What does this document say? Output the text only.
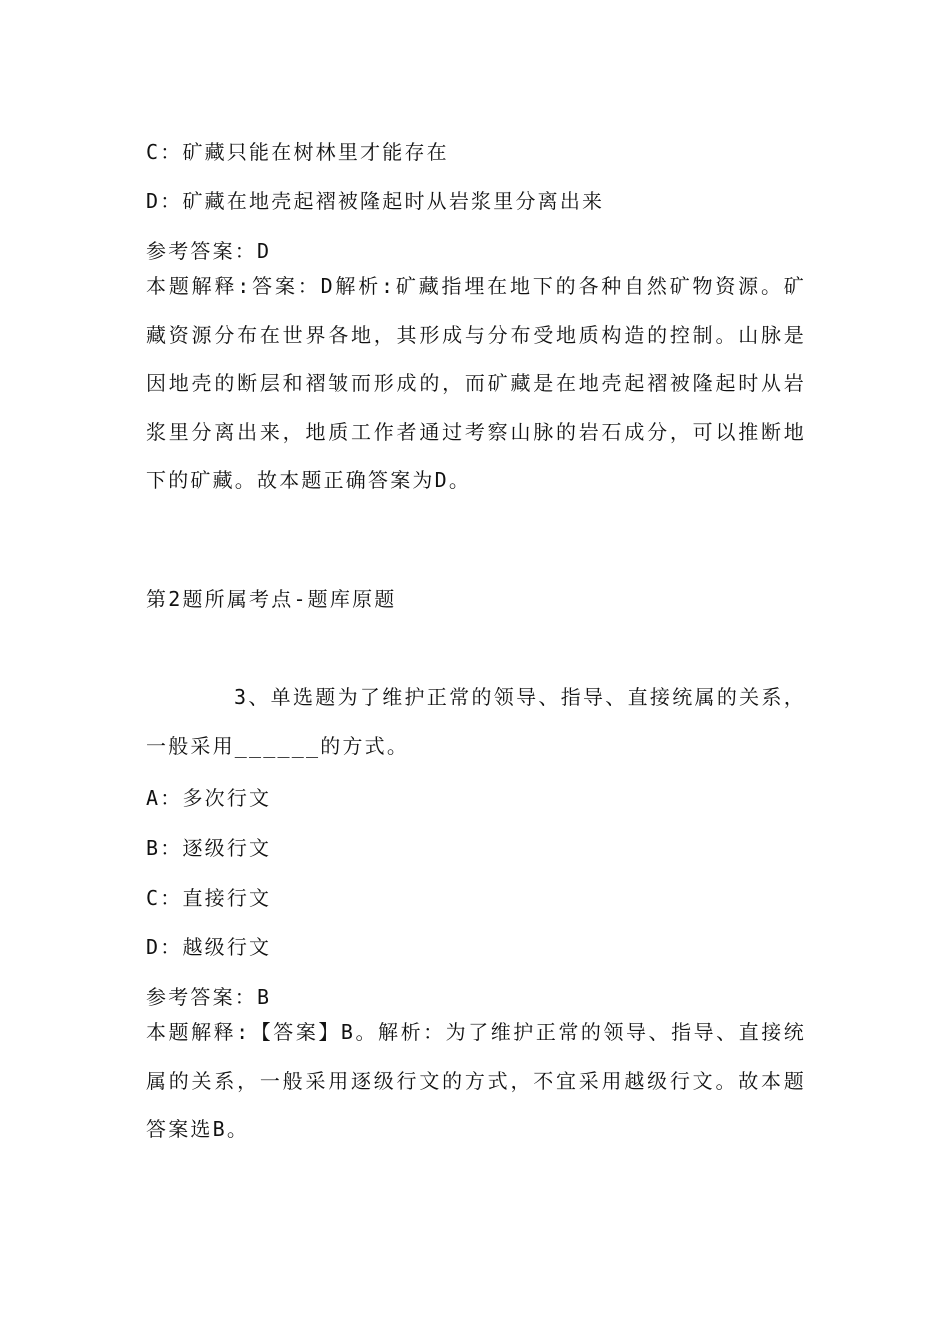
C：矿藏只能在树林里才能存在
D：矿藏在地壳起褶被隆起时从岩浆里分离出来
参考答案：D
本题解释:答案：D解析:矿藏指埋在地下的各种自然矿物资源。矿藏资源分布在世界各地，其形成与分布受地质构造的控制。山脉是因地壳的断层和褶皱而形成的，而矿藏是在地壳起褶被隆起时从岩浆里分离出来，地质工作者通过考察山脉的岩石成分，可以推断地下的矿藏。故本题正确答案为D。
第2题所属考点-题库原题
3、单选题为了维护正常的领导、指导、直接统属的关系，一般采用______的方式。
A：多次行文
B：逐级行文
C：直接行文
D：越级行文
参考答案：B
本题解释:【答案】B。解析：为了维护正常的领导、指导、直接统属的关系，一般采用逐级行文的方式，不宜采用越级行文。故本题答案选B。
